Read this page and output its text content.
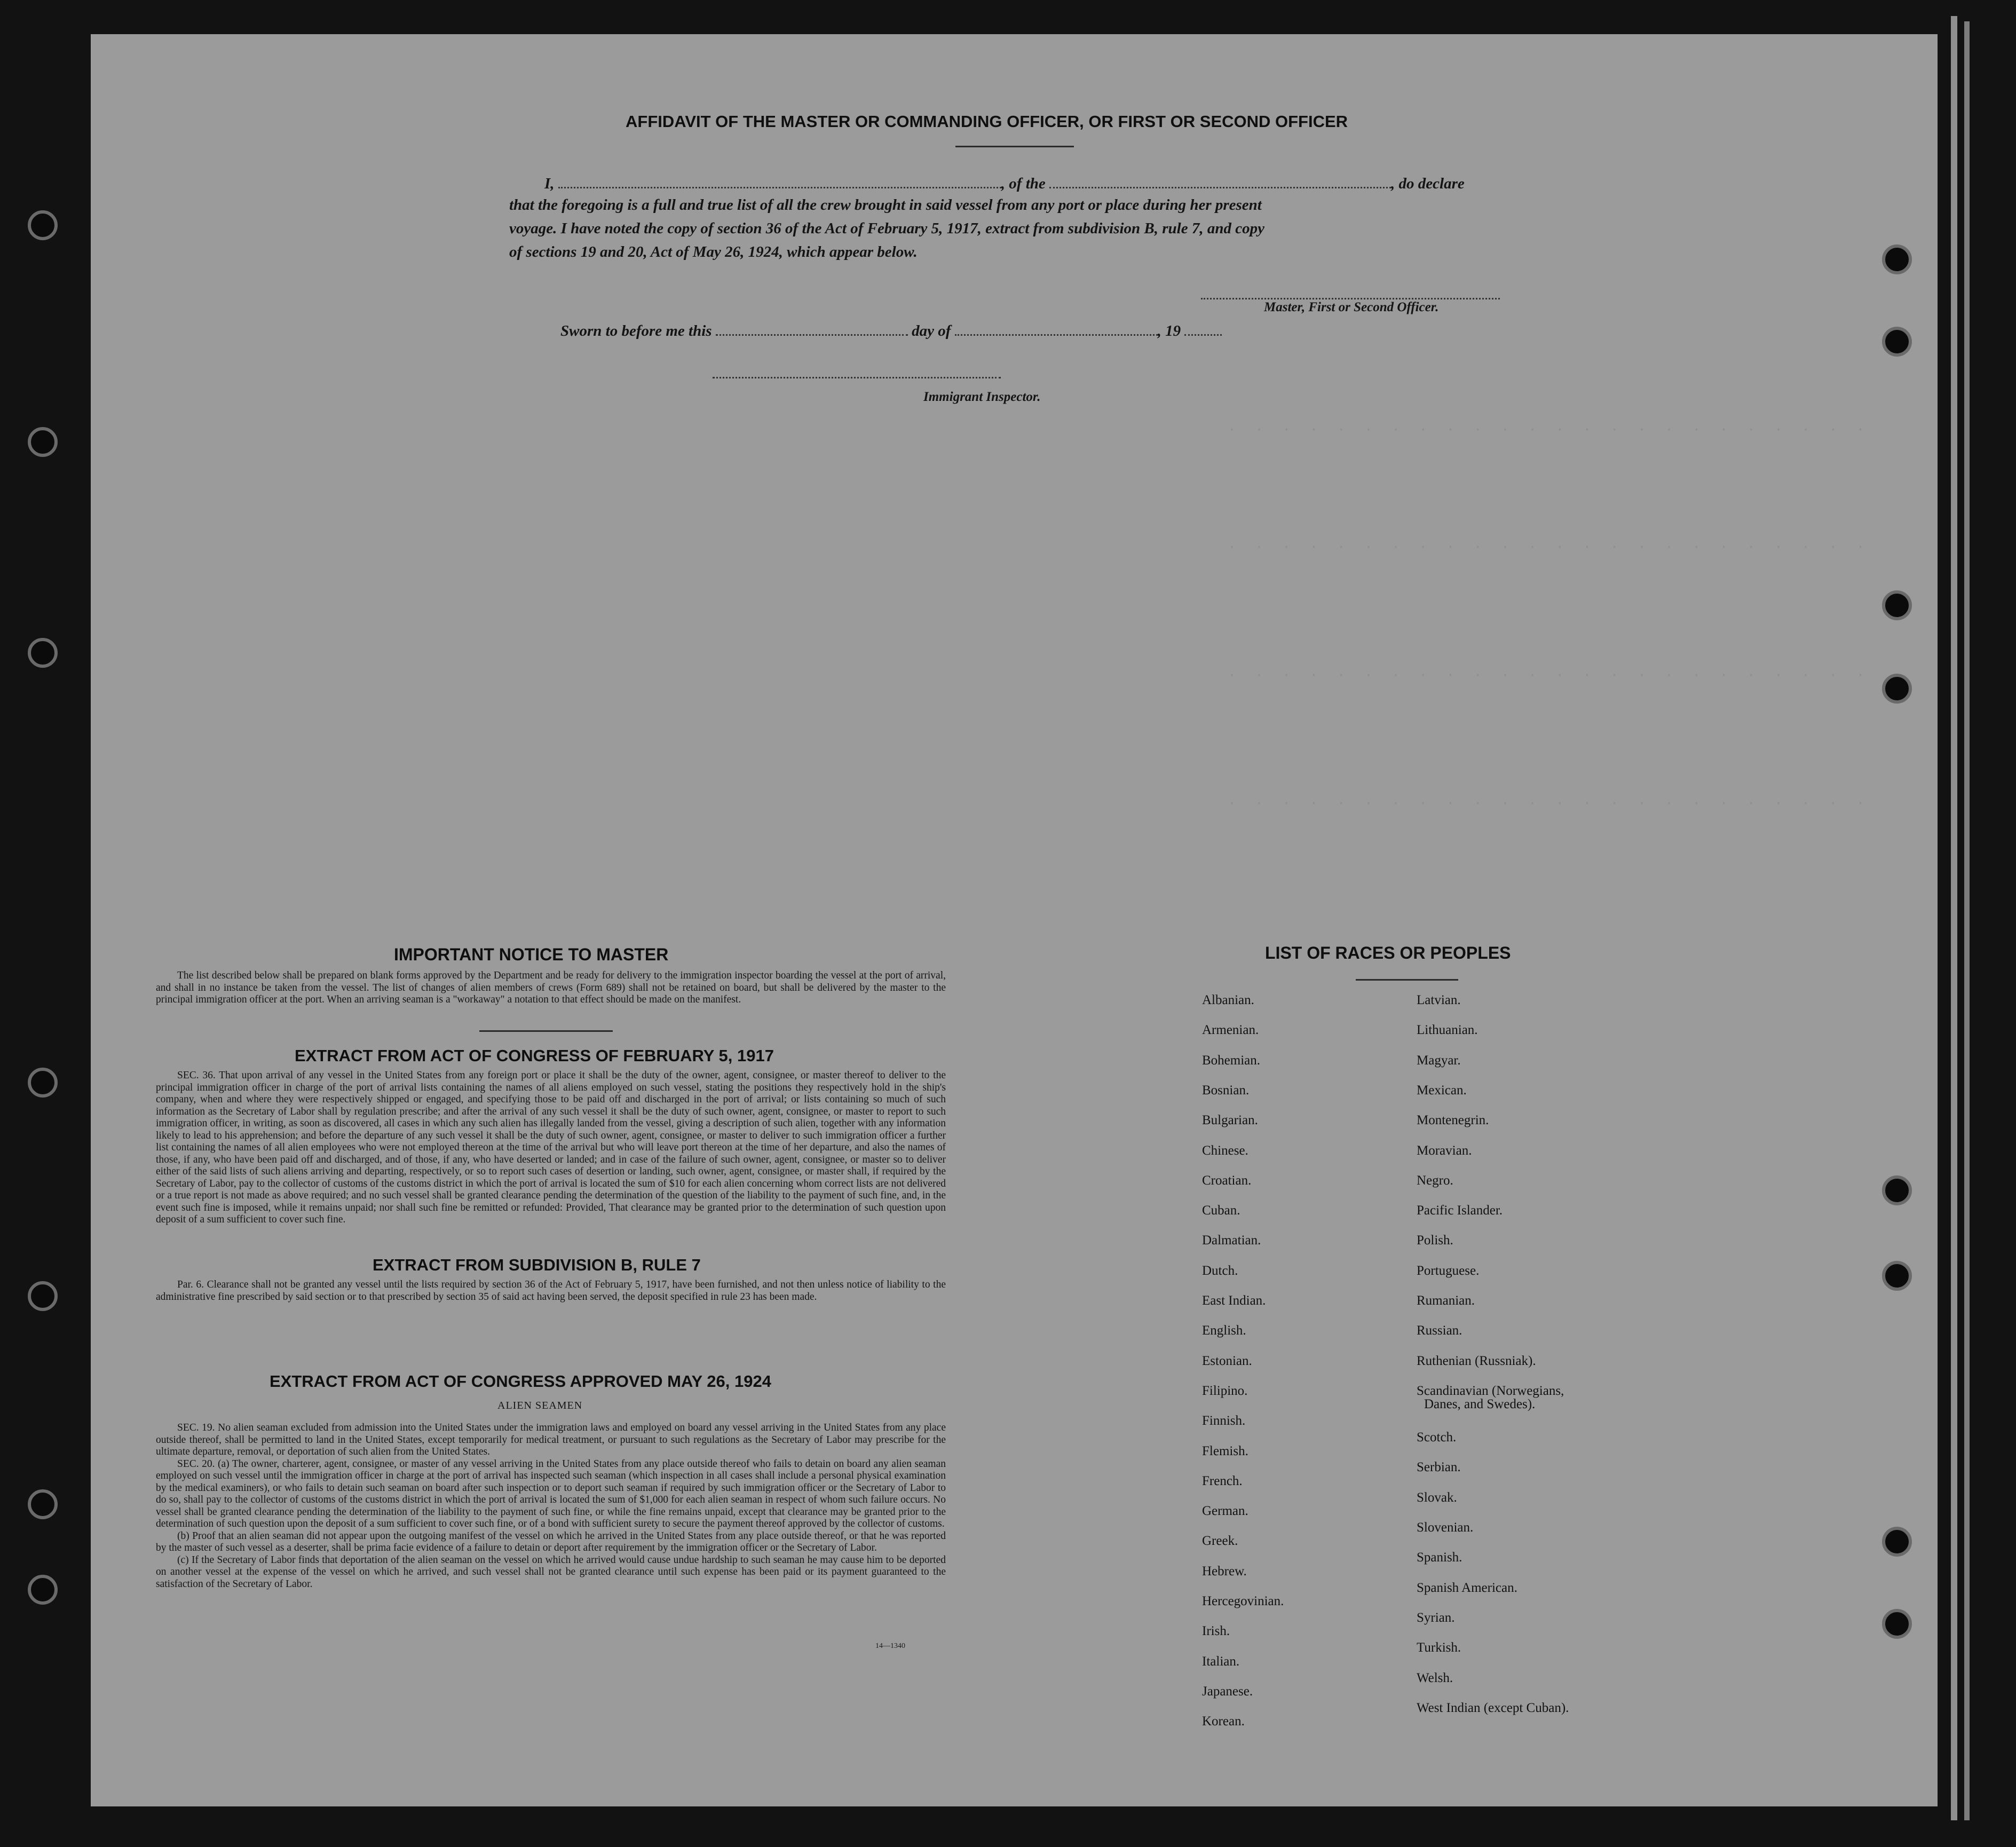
· · · · · · · · · · · · · · · · · · · · · · · ·
· · · · · · · · · · · · · · · · · · · · · · · ·
· · · · · · · · · · · · · · · · · · · · · · · ·
· · · · · · · · · · · · · · · · · · · · · · · ·
AFFIDAVIT OF THE MASTER OR COMMANDING OFFICER, OR FIRST OR SECOND OFFICER
I,	, of the	, do declare
that the foregoing is a full and true list of all the crew brought in said vessel from any port or place during her present
voyage. I have noted the copy of section 36 of the Act of February 5, 1917, extract from subdivision B, rule 7, and copy
of sections 19 and 20, Act of May 26, 1924, which appear below.
Master, First or Second Officer.
Sworn to before me this	day of	, 19
Immigrant Inspector.
IMPORTANT NOTICE TO MASTER

The list described below shall be prepared on blank forms approved by the Department and be ready for delivery to the immigration inspector boarding the vessel at the port of arrival, and shall in no instance be taken from the vessel. The list of changes of alien members of crews (Form 689) shall not be retained on board, but shall be delivered by the master to the principal immigration officer at the port. When an arriving seaman is a "workaway" a notation to that effect should be made on the manifest.

EXTRACT FROM ACT OF CONGRESS OF FEBRUARY 5, 1917

SEC. 36. That upon arrival of any vessel in the United States from any foreign port or place it shall be the duty of the owner, agent, consignee, or master thereof to deliver to the principal immigration officer in charge of the port of arrival lists containing the names of all aliens employed on such vessel, stating the positions they respectively hold in the ship's company, when and where they were respectively shipped or engaged, and specifying those to be paid off and discharged in the port of arrival; or lists containing so much of such information as the Secretary of Labor shall by regulation prescribe; and after the arrival of any such vessel it shall be the duty of such owner, agent, consignee, or master to report to such immigration officer, in writing, as soon as discovered, all cases in which any such alien has illegally landed from the vessel, giving a description of such alien, together with any information likely to lead to his apprehension; and before the departure of any such vessel it shall be the duty of such owner, agent, consignee, or master to deliver to such immigration officer a further list containing the names of all alien employees who were not employed thereon at the time of the arrival but who will leave port thereon at the time of her departure, and also the names of those, if any, who have been paid off and discharged, and of those, if any, who have deserted or landed; and in case of the failure of such owner, agent, consignee, or master so to deliver either of the said lists of such aliens arriving and departing, respectively, or so to report such cases of desertion or landing, such owner, agent, consignee, or master shall, if required by the Secretary of Labor, pay to the collector of customs of the customs district in which the port of arrival is located the sum of $10 for each alien concerning whom correct lists are not delivered or a true report is not made as above required; and no such vessel shall be granted clearance pending the determination of the question of the liability to the payment of such fine, and, in the event such fine is imposed, while it remains unpaid; nor shall such fine be remitted or refunded: Provided, That clearance may be granted prior to the determination of such question upon deposit of a sum sufficient to cover such fine.

EXTRACT FROM SUBDIVISION B, RULE 7

Par. 6. Clearance shall not be granted any vessel until the lists required by section 36 of the Act of February 5, 1917, have been furnished, and not then unless notice of liability to the administrative fine prescribed by said section or to that prescribed by section 35 of said act having been served, the deposit specified in rule 23 has been made.

EXTRACT FROM ACT OF CONGRESS APPROVED MAY 26, 1924
ALIEN SEAMEN

SEC. 19. No alien seaman excluded from admission into the United States under the immigration laws and employed on board any vessel arriving in the United States from any place outside thereof, shall be permitted to land in the United States, except temporarily for medical treatment, or pursuant to such regulations as the Secretary of Labor may prescribe for the ultimate departure, removal, or deportation of such alien from the United States.

SEC. 20. (a) The owner, charterer, agent, consignee, or master of any vessel arriving in the United States from any place outside thereof who fails to detain on board any alien seaman employed on such vessel until the immigration officer in charge at the port of arrival has inspected such seaman (which inspection in all cases shall include a personal physical examination by the medical examiners), or who fails to detain such seaman on board after such inspection or to deport such seaman if required by such immigration officer or the Secretary of Labor to do so, shall pay to the collector of customs of the customs district in which the port of arrival is located the sum of $1,000 for each alien seaman in respect of whom such failure occurs. No vessel shall be granted clearance pending the determination of the liability to the payment of such fine, or while the fine remains unpaid, except that clearance may be granted prior to the determination of such question upon the deposit of a sum sufficient to cover such fine, or of a bond with sufficient surety to secure the payment thereof approved by the collector of customs.

(b) Proof that an alien seaman did not appear upon the outgoing manifest of the vessel on which he arrived in the United States from any place outside thereof, or that he was reported by the master of such vessel as a deserter, shall be prima facie evidence of a failure to detain or deport after requirement by the immigration officer or the Secretary of Labor.

(c) If the Secretary of Labor finds that deportation of the alien seaman on the vessel on which he arrived would cause undue hardship to such seaman he may cause him to be deported on another vessel at the expense of the vessel on which he arrived, and such vessel shall not be granted clearance until such expense has been paid or its payment guaranteed to the satisfaction of the Secretary of Labor.

14—1340
LIST OF RACES OR PEOPLES
Albanian.
Armenian.
Bohemian.
Bosnian.
Bulgarian.
Chinese.
Croatian.
Cuban.
Dalmatian.
Dutch.
East Indian.
English.
Estonian.
Filipino.
Finnish.
Flemish.
French.
German.
Greek.
Hebrew.
Hercegovinian.
Irish.
Italian.
Japanese.
Korean.
Latvian.
Lithuanian.
Magyar.
Mexican.
Montenegrin.
Moravian.
Negro.
Pacific Islander.
Polish.
Portuguese.
Rumanian.
Russian.
Ruthenian (Russniak).
Scandinavian (Norwegians,
Danes, and Swedes).
Scotch.
Serbian.
Slovak.
Slovenian.
Spanish.
Spanish American.
Syrian.
Turkish.
Welsh.
West Indian (except Cuban).
